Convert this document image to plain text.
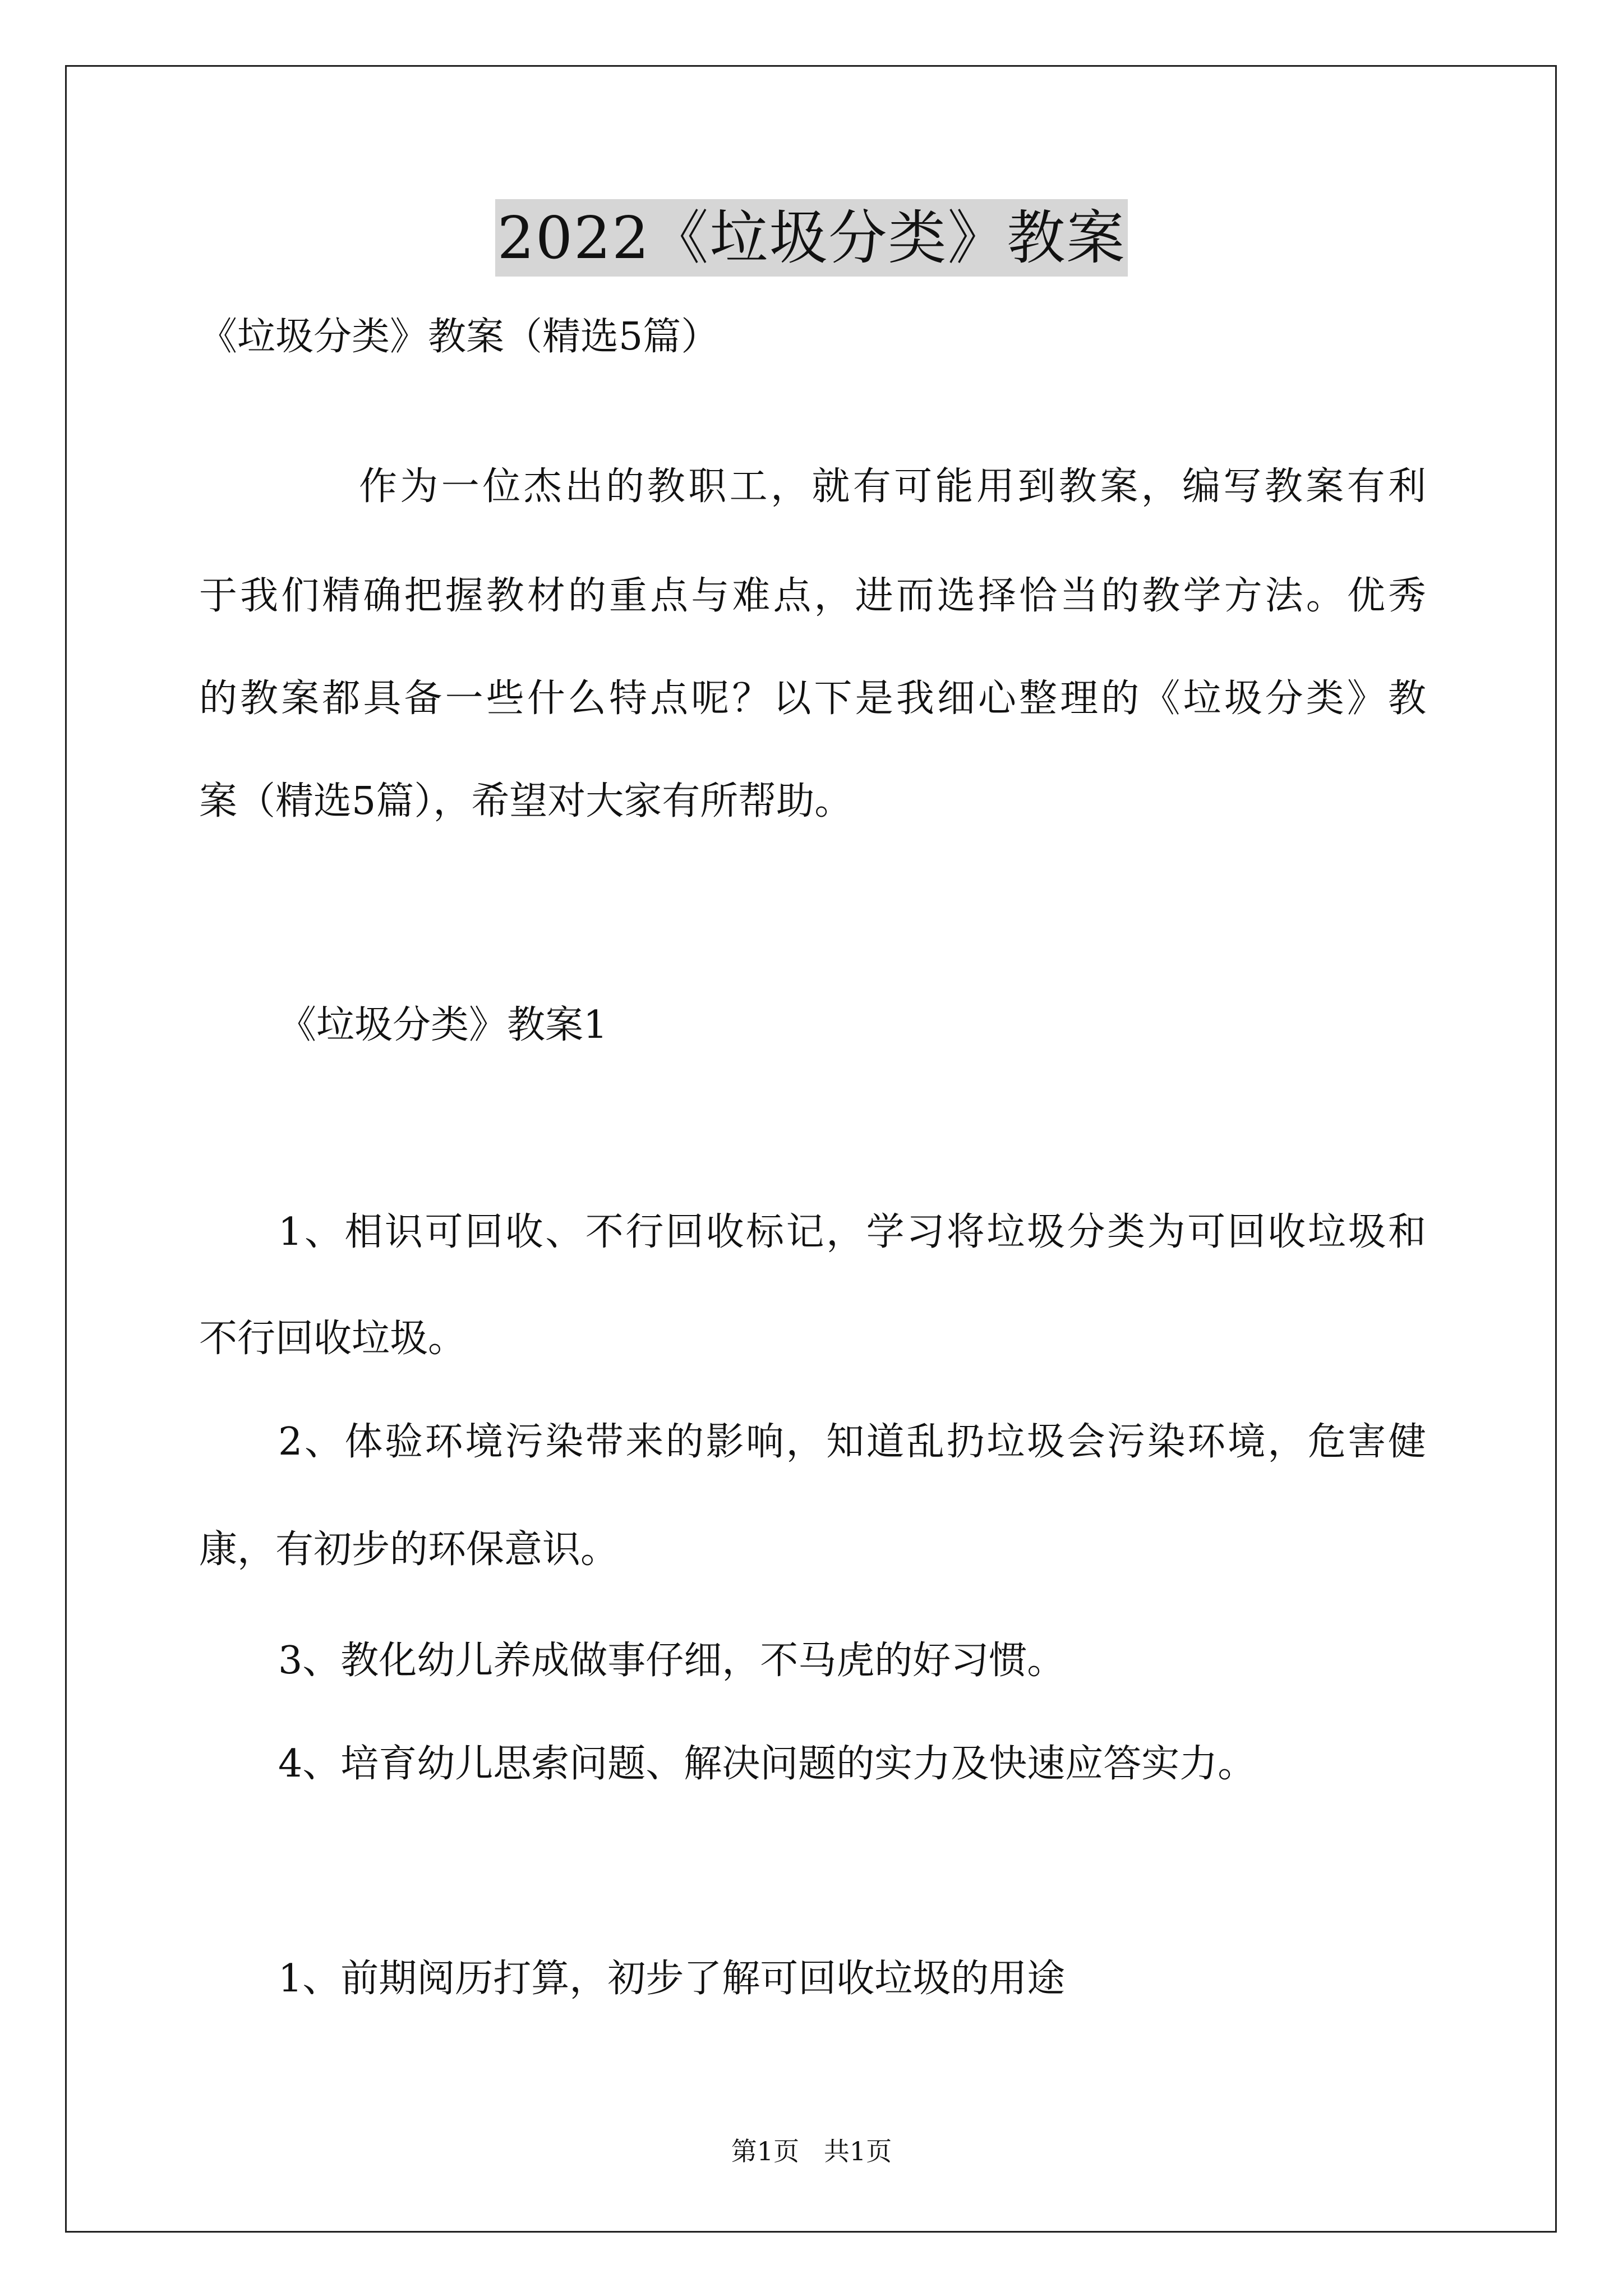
2022《垃圾分类》教案
《垃圾分类》教案（精选5篇）
作为一位杰出的教职工，就有可能用到教案，编写教案有利
于我们精确把握教材的重点与难点，进而选择恰当的教学方法。优秀
的教案都具备一些什么特点呢？以下是我细心整理的《垃圾分类》教
案（精选5篇），希望对大家有所帮助。
《垃圾分类》教案1
1、相识可回收、不行回收标记，学习将垃圾分类为可回收垃圾和
不行回收垃圾。
2、体验环境污染带来的影响，知道乱扔垃圾会污染环境，危害健
康，有初步的环保意识。
3、教化幼儿养成做事仔细，不马虎的好习惯。
4、培育幼儿思索问题、解决问题的实力及快速应答实力。
1、前期阅历打算，初步了解可回收垃圾的用途
第1页   共1页
